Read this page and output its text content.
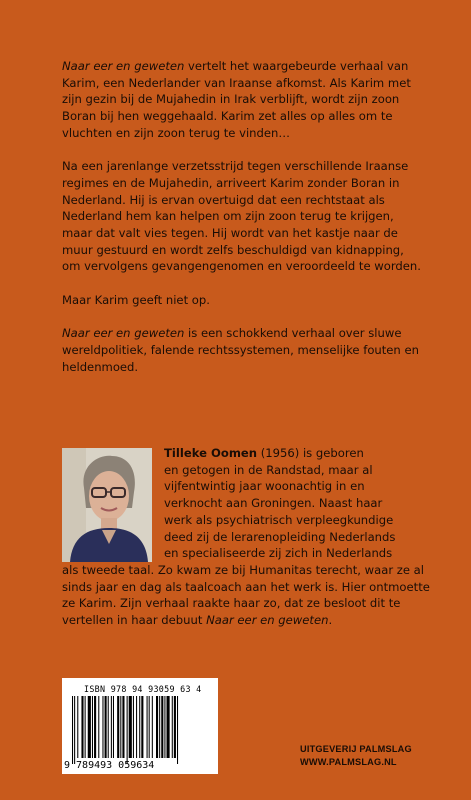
Naar eer en geweten vertelt het waargebeurde verhaal van Karim, een Nederlander van Iraanse afkomst. Als Karim met zijn gezin bij de Mujahedin in Irak verblijft, wordt zijn zoon Boran bij hen weggehaald. Karim zet alles op alles om te vluchten en zijn zoon terug te vinden…

Na een jarenlange verzetsstrijd tegen verschillende Iraanse regimes en de Mujahedin, arriveert Karim zonder Boran in Nederland. Hij is ervan overtuigd dat een rechtstaat als Nederland hem kan helpen om zijn zoon terug te krijgen, maar dat valt vies tegen. Hij wordt van het kastje naar de muur gestuurd en wordt zelfs beschuldigd van kidnapping, om vervolgens gevangengenomen en veroordeeld te worden.

Maar Karim geeft niet op.

Naar eer en geweten is een schokkend verhaal over sluwe wereldpolitiek, falende rechtssystemen, menselijke fouten en heldenmoed.

Tilleke Oomen (1956) is geboren
en getogen in de Randstad, maar al
vijfentwintig jaar woonachtig in en
verknocht aan Groningen. Naast haar
werk als psychiatrisch verpleegkundige
deed zij de lerarenopleiding Nederlands
en specialiseerde zij zich in Nederlands
als tweede taal. Zo kwam ze bij Humanitas terecht, waar ze al sinds jaar en dag als taalcoach aan het werk is. Hier ontmoette ze Karim. Zijn verhaal raakte haar zo, dat ze besloot dit te vertellen in haar debuut Naar eer en geweten.
ISBN 978 94 93059 63 4
9 789493 059634
UITGEVERIJ PALMSLAG
WWW.PALMSLAG.NL
